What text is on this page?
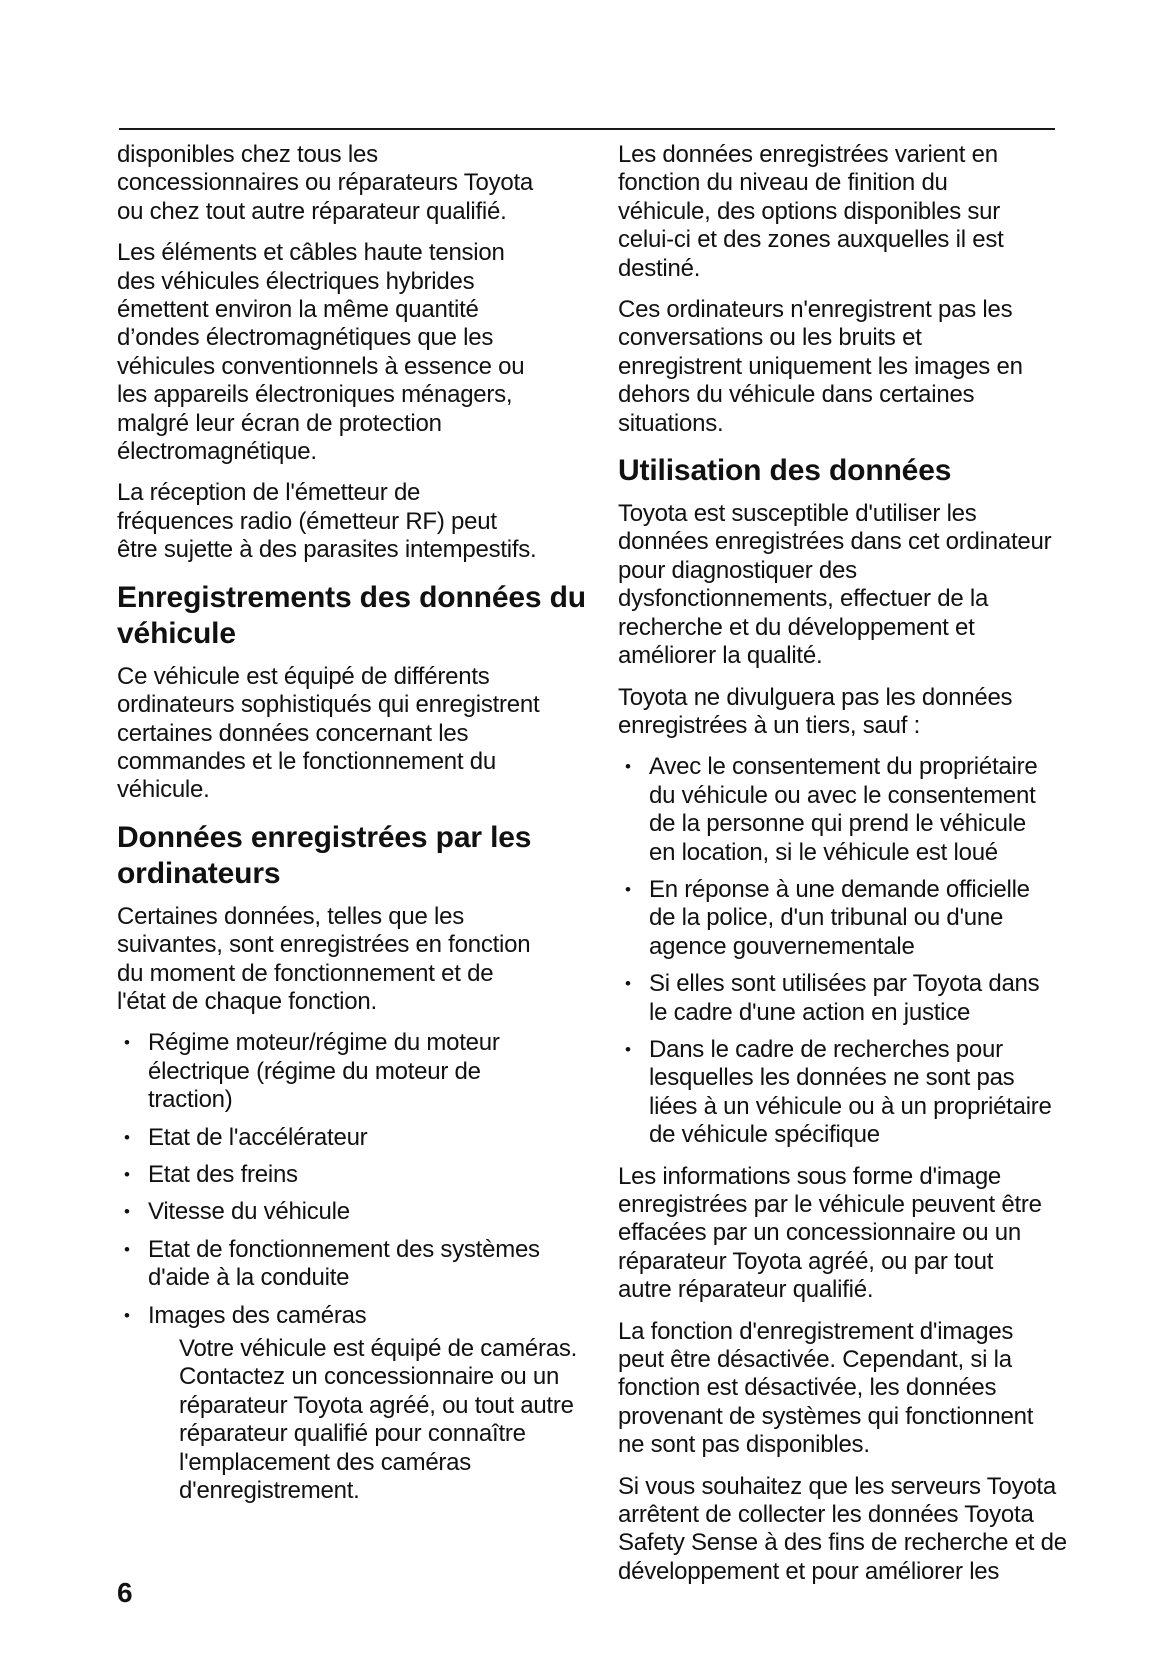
disponibles chez tous les
concessionnaires ou réparateurs Toyota
ou chez tout autre réparateur qualifié.
Les éléments et câbles haute tension
des véhicules électriques hybrides
émettent environ la même quantité
d’ondes électromagnétiques que les
véhicules conventionnels à essence ou
les appareils électroniques ménagers,
malgré leur écran de protection
électromagnétique.
La réception de l'émetteur de
fréquences radio (émetteur RF) peut
être sujette à des parasites intempestifs.
Enregistrements des données du
véhicule
Ce véhicule est équipé de différents
ordinateurs sophistiqués qui enregistrent
certaines données concernant les
commandes et le fonctionnement du
véhicule.
Données enregistrées par les
ordinateurs
Certaines données, telles que les
suivantes, sont enregistrées en fonction
du moment de fonctionnement et de
l'état de chaque fonction.
• Régime moteur/régime du moteur
électrique (régime du moteur de
traction)
• Etat de l'accélérateur
• Etat des freins
• Vitesse du véhicule
• Etat de fonctionnement des systèmes
d'aide à la conduite
• Images des caméras
Votre véhicule est équipé de caméras.
Contactez un concessionnaire ou un
réparateur Toyota agréé, ou tout autre
réparateur qualifié pour connaître
l'emplacement des caméras
d'enregistrement.
Les données enregistrées varient en
fonction du niveau de finition du
véhicule, des options disponibles sur
celui-ci et des zones auxquelles il est
destiné.
Ces ordinateurs n'enregistrent pas les
conversations ou les bruits et
enregistrent uniquement les images en
dehors du véhicule dans certaines
situations.
Utilisation des données
Toyota est susceptible d'utiliser les
données enregistrées dans cet ordinateur
pour diagnostiquer des
dysfonctionnements, effectuer de la
recherche et du développement et
améliorer la qualité.
Toyota ne divulguera pas les données
enregistrées à un tiers, sauf :
• Avec le consentement du propriétaire
du véhicule ou avec le consentement
de la personne qui prend le véhicule
en location, si le véhicule est loué
• En réponse à une demande officielle
de la police, d'un tribunal ou d'une
agence gouvernementale
• Si elles sont utilisées par Toyota dans
le cadre d'une action en justice
• Dans le cadre de recherches pour
lesquelles les données ne sont pas
liées à un véhicule ou à un propriétaire
de véhicule spécifique
Les informations sous forme d'image
enregistrées par le véhicule peuvent être
effacées par un concessionnaire ou un
réparateur Toyota agréé, ou par tout
autre réparateur qualifié.
La fonction d'enregistrement d'images
peut être désactivée. Cependant, si la
fonction est désactivée, les données
provenant de systèmes qui fonctionnent
ne sont pas disponibles.
Si vous souhaitez que les serveurs Toyota
arrêtent de collecter les données Toyota
Safety Sense à des fins de recherche et de
développement et pour améliorer les
6
